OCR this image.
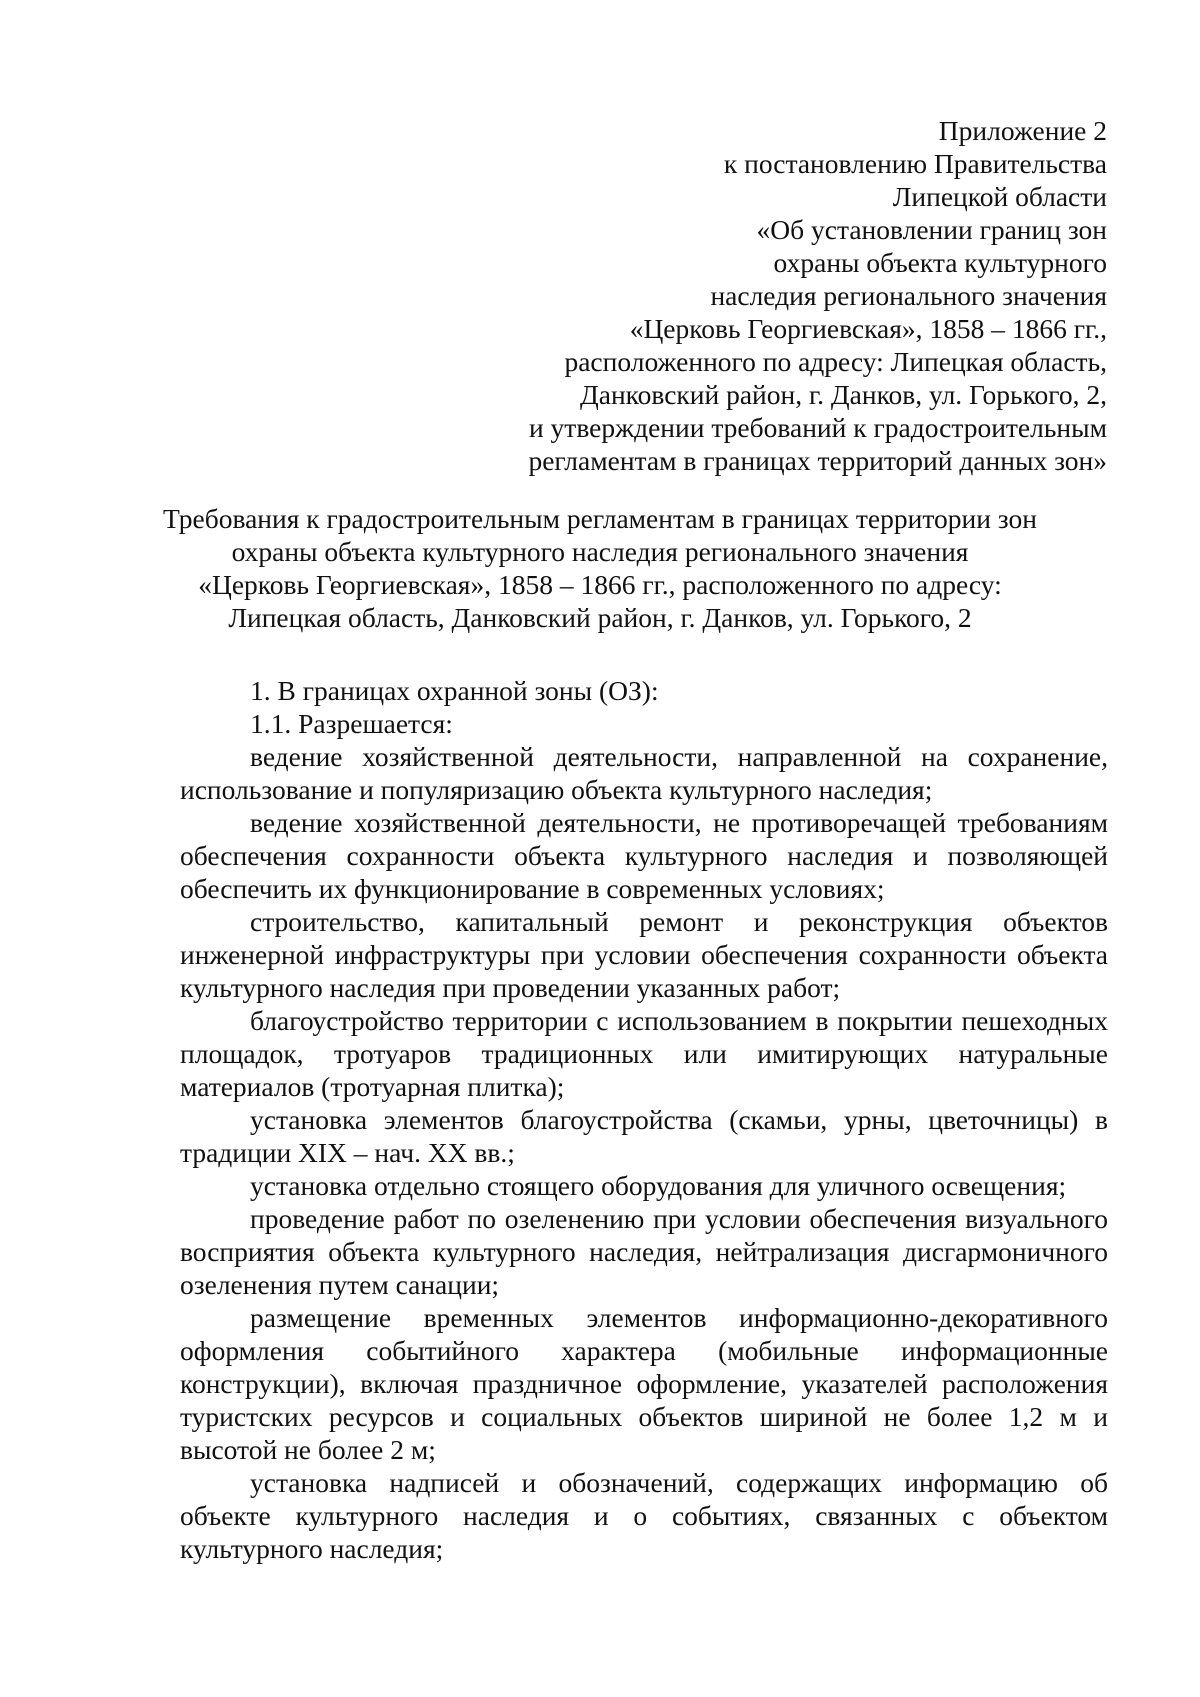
Приложение 2
к постановлению Правительства
Липецкой области
«Об установлении границ зон
охраны объекта культурного
наследия регионального значения
«Церковь Георгиевская», 1858 – 1866 гг.,
расположенного по адресу: Липецкая область,
Данковский район, г. Данков, ул. Горького, 2,
и утверждении требований к градостроительным
регламентам в границах территорий данных зон»
Требования к градостроительным регламентам в границах территории зон
охраны объекта культурного наследия регионального значения
«Церковь Георгиевская», 1858 – 1866 гг., расположенного по адресу:
Липецкая область, Данковский район, г. Данков, ул. Горького, 2

1. В границах охранной зоны (ОЗ):

1.1. Разрешается:

ведение хозяйственной деятельности, направленной на сохранение, использование и популяризацию объекта культурного наследия;

ведение хозяйственной деятельности, не противоречащей требованиям обеспечения сохранности объекта культурного наследия и позволяющей обеспечить их функционирование в современных условиях;

строительство, капитальный ремонт и реконструкция объектов инженерной инфраструктуры при условии обеспечения сохранности объекта культурного наследия при проведении указанных работ;

благоустройство территории с использованием в покрытии пешеходных площадок, тротуаров традиционных или имитирующих натуральные материалов (тротуарная плитка);

установка элементов благоустройства (скамьи, урны, цветочницы) в традиции XIX – нач. XX вв.;

установка отдельно стоящего оборудования для уличного освещения;

проведение работ по озеленению при условии обеспечения визуального восприятия объекта культурного наследия, нейтрализация дисгармоничного озеленения путем санации;

размещение временных элементов информационно-декоративного оформления событийного характера (мобильные информационные конструкции), включая праздничное оформление, указателей расположения туристских ресурсов и социальных объектов шириной не более 1,2 м и высотой не более 2 м;

установка надписей и обозначений, содержащих информацию об объекте культурного наследия и о событиях, связанных с объектом культурного наследия;
